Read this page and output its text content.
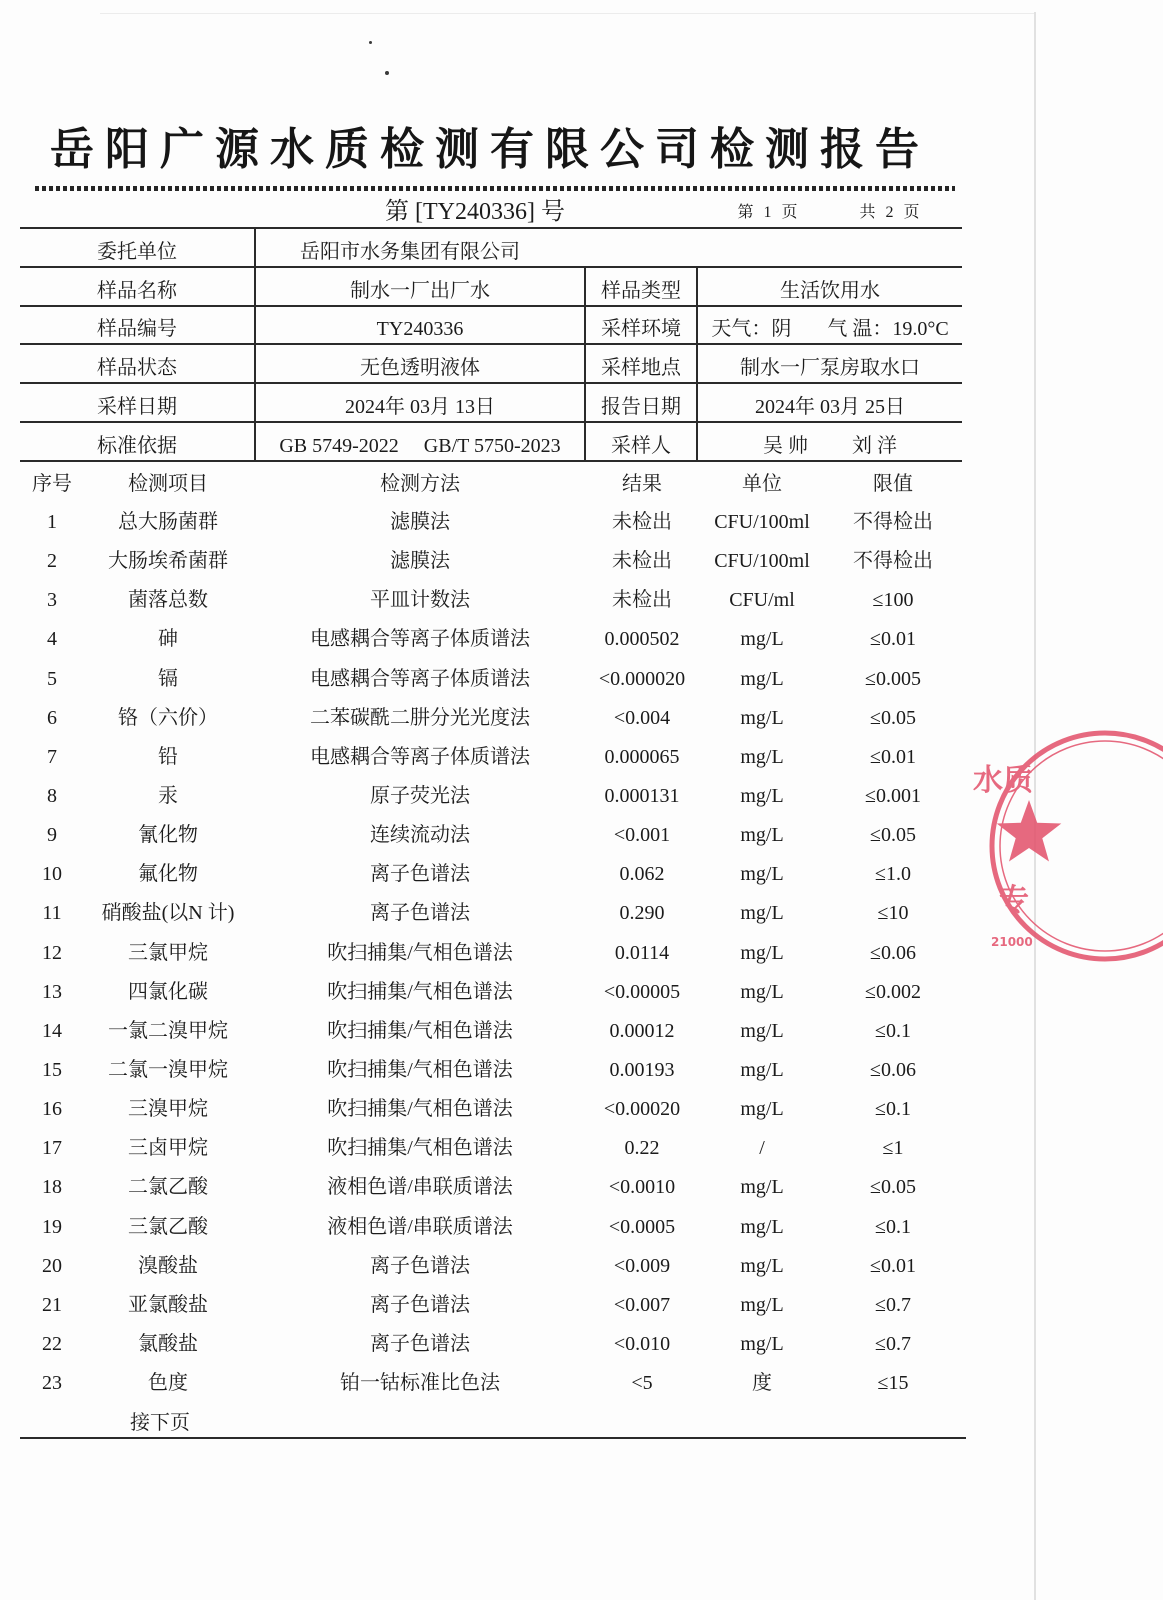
岳阳广源水质检测有限公司检测报告
第 [TY240336] 号	第 1 页	共 2 页
委托单位	岳阳市水务集团有限公司
样品名称	制水一厂出厂水	样品类型	生活饮用水
样品编号	TY240336	采样环境	天气：阴 气 温：19.0°C
样品状态	无色透明液体	采样地点	制水一厂泵房取水口
采样日期	2024年 03月 13日	报告日期	2024年 03月 25日
标准依据	GB 5749-2022 GB/T 5750-2023	采样人	吴 帅 刘 洋
序号	检测项目	检测方法	结果	单位	限值
1	总大肠菌群	滤膜法	未检出	CFU/100ml	不得检出
2	大肠埃希菌群	滤膜法	未检出	CFU/100ml	不得检出
3	菌落总数	平皿计数法	未检出	CFU/ml	≤100
4	砷	电感耦合等离子体质谱法	0.000502	mg/L	≤0.01
5	镉	电感耦合等离子体质谱法	<0.000020	mg/L	≤0.005
6	铬（六价）	二苯碳酰二肼分光光度法	<0.004	mg/L	≤0.05
7	铅	电感耦合等离子体质谱法	0.000065	mg/L	≤0.01
8	汞	原子荧光法	0.000131	mg/L	≤0.001
9	氰化物	连续流动法	<0.001	mg/L	≤0.05
10	氟化物	离子色谱法	0.062	mg/L	≤1.0
11	硝酸盐(以N 计)	离子色谱法	0.290	mg/L	≤10
12	三氯甲烷	吹扫捕集/气相色谱法	0.0114	mg/L	≤0.06
13	四氯化碳	吹扫捕集/气相色谱法	<0.00005	mg/L	≤0.002
14	一氯二溴甲烷	吹扫捕集/气相色谱法	0.00012	mg/L	≤0.1
15	二氯一溴甲烷	吹扫捕集/气相色谱法	0.00193	mg/L	≤0.06
16	三溴甲烷	吹扫捕集/气相色谱法	<0.00020	mg/L	≤0.1
17	三卤甲烷	吹扫捕集/气相色谱法	0.22	/	≤1
18	二氯乙酸	液相色谱/串联质谱法	<0.0010	mg/L	≤0.05
19	三氯乙酸	液相色谱/串联质谱法	<0.0005	mg/L	≤0.1
20	溴酸盐	离子色谱法	<0.009	mg/L	≤0.01
21	亚氯酸盐	离子色谱法	<0.007	mg/L	≤0.7
22	氯酸盐	离子色谱法	<0.010	mg/L	≤0.7
23	色度	铂一钴标准比色法	<5	度	≤15
接下页
水质
专
21000
